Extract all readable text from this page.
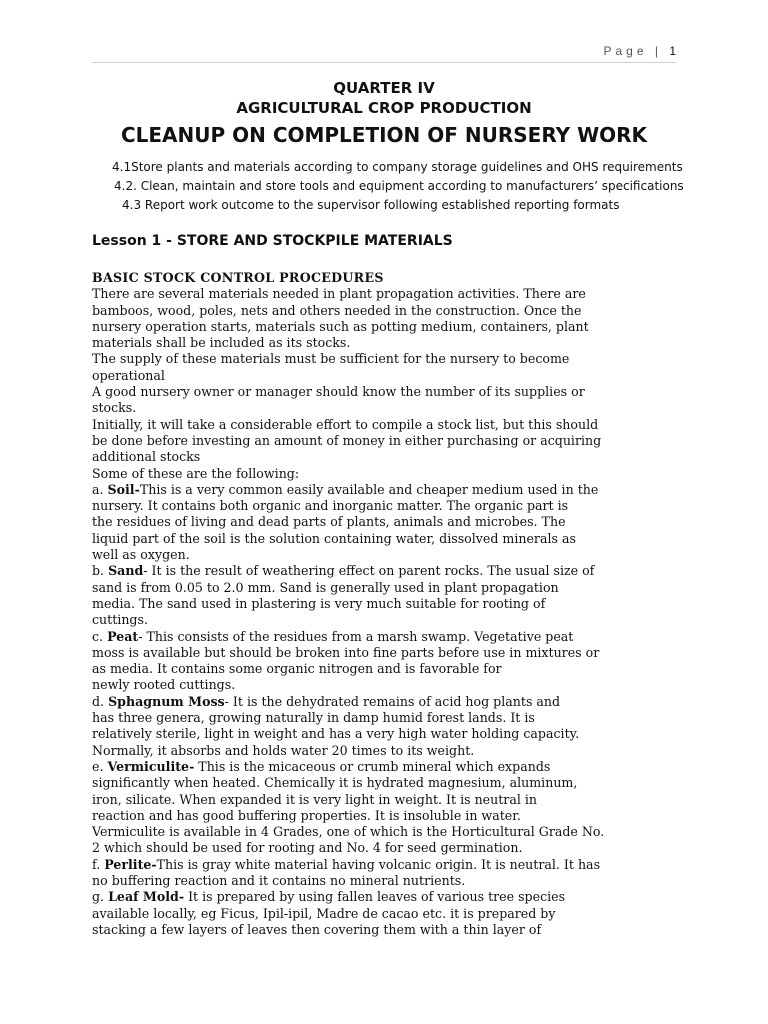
Page | 1
QUARTER IV
AGRICULTURAL CROP PRODUCTION
CLEANUP ON COMPLETION OF NURSERY WORK
4.1Store plants and materials according to company storage guidelines and OHS requirements
4.2. Clean, maintain and store tools and equipment according to manufacturers’ specifications
4.3 Report work outcome to the supervisor following established reporting formats
Lesson 1 - STORE AND STOCKPILE MATERIALS

BASIC STOCK CONTROL PROCEDURES

There are several materials needed in plant propagation activities. There are

bamboos, wood, poles, nets and others needed in the construction. Once the

nursery operation starts, materials such as potting medium, containers, plant

materials shall be included as its stocks.

The supply of these materials must be sufficient for the nursery to become

operational

A good nursery owner or manager should know the number of its supplies or

stocks.

Initially, it will take a considerable effort to compile a stock list, but this should

be done before investing an amount of money in either purchasing or acquiring

additional stocks

Some of these are the following:

a. Soil-This is a very common easily available and cheaper medium used in the

nursery. It contains both organic and inorganic matter. The organic part is

the residues of living and dead parts of plants, animals and microbes. The

liquid part of the soil is the solution containing water, dissolved minerals as

well as oxygen.

b. Sand- It is the result of weathering effect on parent rocks. The usual size of

sand is from 0.05 to 2.0 mm. Sand is generally used in plant propagation

media. The sand used in plastering is very much suitable for rooting of

cuttings.

c. Peat- This consists of the residues from a marsh swamp. Vegetative peat

moss is available but should be broken into fine parts before use in mixtures or

as media. It contains some organic nitrogen and is favorable for

newly rooted cuttings.

d. Sphagnum Moss- It is the dehydrated remains of acid hog plants and

has three genera, growing naturally in damp humid forest lands. It is

relatively sterile, light in weight and has a very high water holding capacity.

Normally, it absorbs and holds water 20 times to its weight.

e. Vermiculite- This is the micaceous or crumb mineral which expands

significantly when heated. Chemically it is hydrated magnesium, aluminum,

iron, silicate. When expanded it is very light in weight. It is neutral in

reaction and has good buffering properties. It is insoluble in water.

Vermiculite is available in 4 Grades, one of which is the Horticultural Grade No.

2 which should be used for rooting and No. 4 for seed germination.

f. Perlite-This is gray white material having volcanic origin. It is neutral. It has

no buffering reaction and it contains no mineral nutrients.

g. Leaf Mold- It is prepared by using fallen leaves of various tree species

available locally, eg Ficus, Ipil-ipil, Madre de cacao etc. it is prepared by

stacking a few layers of leaves then covering them with a thin layer of
